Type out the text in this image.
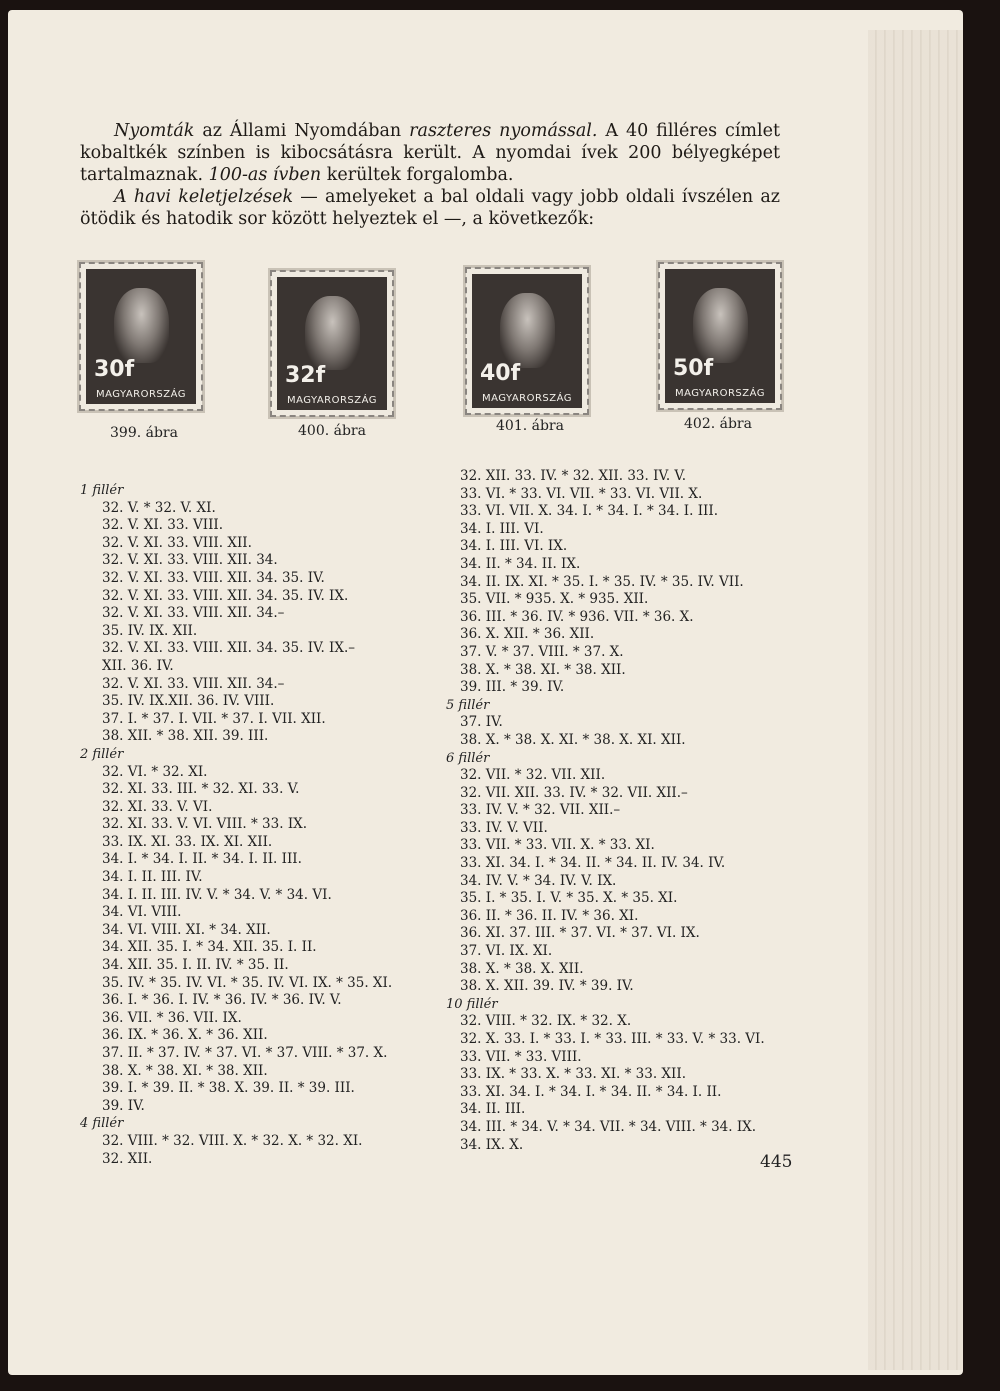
Nyomták az Állami Nyomdában raszteres nyomással. A 40 filléres címlet kobaltkék színben is kibocsátásra került. A nyomdai ívek 200 bélyegképet tartalmaznak. 100-as ívben kerültek forgalomba.

A havi keletjelzések — amelyeket a bal oldali vagy jobb oldali ívszélen az ötödik és hatodik sor között helyeztek el —, a következők:

30f
MAGYARORSZÁG
32f
MAGYARORSZÁG
40f
MAGYARORSZÁG
50f
MAGYARORSZÁG
399. ábra	400. ábra	401. ábra	402. ábra
1 fillér
32. V. * 32. V. XI.
32. V. XI. 33. VIII.
32. V. XI. 33. VIII. XII.
32. V. XI. 33. VIII. XII. 34.
32. V. XI. 33. VIII. XII. 34. 35. IV.
32. V. XI. 33. VIII. XII. 34. 35. IV. IX.
32. V. XI. 33. VIII. XII. 34.–
35. IV. IX. XII.
32. V. XI. 33. VIII. XII. 34. 35. IV. IX.–
XII. 36. IV.
32. V. XI. 33. VIII. XII. 34.–
35. IV. IX.XII. 36. IV. VIII.
37. I. * 37. I. VII. * 37. I. VII. XII.
38. XII. * 38. XII. 39. III.
2 fillér
32. VI. * 32. XI.
32. XI. 33. III. * 32. XI. 33. V.
32. XI. 33. V. VI.
32. XI. 33. V. VI. VIII. * 33. IX.
33. IX. XI. 33. IX. XI. XII.
34. I. * 34. I. II. * 34. I. II. III.
34. I. II. III. IV.
34. I. II. III. IV. V. * 34. V. * 34. VI.
34. VI. VIII.
34. VI. VIII. XI. * 34. XII.
34. XII. 35. I. * 34. XII. 35. I. II.
34. XII. 35. I. II. IV. * 35. II.
35. IV. * 35. IV. VI. * 35. IV. VI. IX. * 35. XI.
36. I. * 36. I. IV. * 36. IV. * 36. IV. V.
36. VII. * 36. VII. IX.
36. IX. * 36. X. * 36. XII.
37. II. * 37. IV. * 37. VI. * 37. VIII. * 37. X.
38. X. * 38. XI. * 38. XII.
39. I. * 39. II. * 38. X. 39. II. * 39. III.
39. IV.
4 fillér
32. VIII. * 32. VIII. X. * 32. X. * 32. XI.
32. XII.
32. XII. 33. IV. * 32. XII. 33. IV. V.
33. VI. * 33. VI. VII. * 33. VI. VII. X.
33. VI. VII. X. 34. I. * 34. I. * 34. I. III.
34. I. III. VI.
34. I. III. VI. IX.
34. II. * 34. II. IX.
34. II. IX. XI. * 35. I. * 35. IV. * 35. IV. VII.
35. VII. * 935. X. * 935. XII.
36. III. * 36. IV. * 936. VII. * 36. X.
36. X. XII. * 36. XII.
37. V. * 37. VIII. * 37. X.
38. X. * 38. XI. * 38. XII.
39. III. * 39. IV.
5 fillér
37. IV.
38. X. * 38. X. XI. * 38. X. XI. XII.
6 fillér
32. VII. * 32. VII. XII.
32. VII. XII. 33. IV. * 32. VII. XII.–
33. IV. V. * 32. VII. XII.–
33. IV. V. VII.
33. VII. * 33. VII. X. * 33. XI.
33. XI. 34. I. * 34. II. * 34. II. IV. 34. IV.
34. IV. V. * 34. IV. V. IX.
35. I. * 35. I. V. * 35. X. * 35. XI.
36. II. * 36. II. IV. * 36. XI.
36. XI. 37. III. * 37. VI. * 37. VI. IX.
37. VI. IX. XI.
38. X. * 38. X. XII.
38. X. XII. 39. IV. * 39. IV.
10 fillér
32. VIII. * 32. IX. * 32. X.
32. X. 33. I. * 33. I. * 33. III. * 33. V. * 33. VI.
33. VII. * 33. VIII.
33. IX. * 33. X. * 33. XI. * 33. XII.
33. XI. 34. I. * 34. I. * 34. II. * 34. I. II.
34. II. III.
34. III. * 34. V. * 34. VII. * 34. VIII. * 34. IX.
34. IX. X.
445
